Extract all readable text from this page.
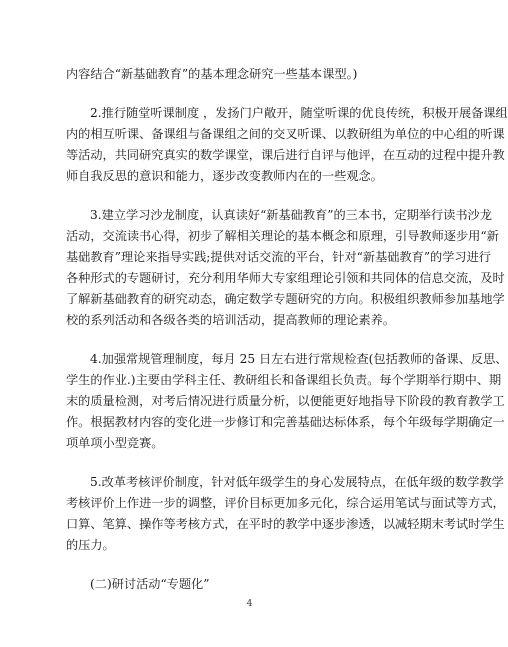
内容结合“新基础教育”的基本理念研究一些基本课型。)
2.推行随堂听课制度 ，发扬门户敞开，随堂听课的优良传统，积极开展备课组
内的相互听课、备课组与备课组之间的交叉听课、以教研组为单位的中心组的听课
等活动，共同研究真实的数学课堂，课后进行自评与他评，在互动的过程中提升教
师自我反思的意识和能力，逐步改变教师内在的一些观念。
3.建立学习沙龙制度，认真读好“新基础教育”的三本书，定期举行读书沙龙
活动，交流读书心得，初步了解相关理论的基本概念和原理，引导教师逐步用“新
基础教育”理论来指导实践;提供对话交流的平台，针对“新基础教育”的学习进行
各种形式的专题研讨，充分利用华师大专家组理论引领和共同体的信息交流，及时
了解新基础教育的研究动态，确定数学专题研究的方向。积极组织教师参加基地学
校的系列活动和各级各类的培训活动，提高教师的理论素养。
4.加强常规管理制度，每月 25 日左右进行常规检查(包括教师的备课、反思、
学生的作业.)主要由学科主任、教研组长和备课组长负责。每个学期举行期中、期
末的质量检测，对考后情况进行质量分析，以便能更好地指导下阶段的教育教学工
作。根据教材内容的变化进一步修订和完善基础达标体系，每个年级每学期确定一
项单项小型竞赛。
5.改革考核评价制度，针对低年级学生的身心发展特点，在低年级的数学教学
考核评价上作进一步的调整，评价目标更加多元化，综合运用笔试与面试等方式，
口算、笔算、操作等考核方式，在平时的教学中逐步渗透，以减轻期末考试时学生
的压力。
(二)研讨活动“专题化”
4
